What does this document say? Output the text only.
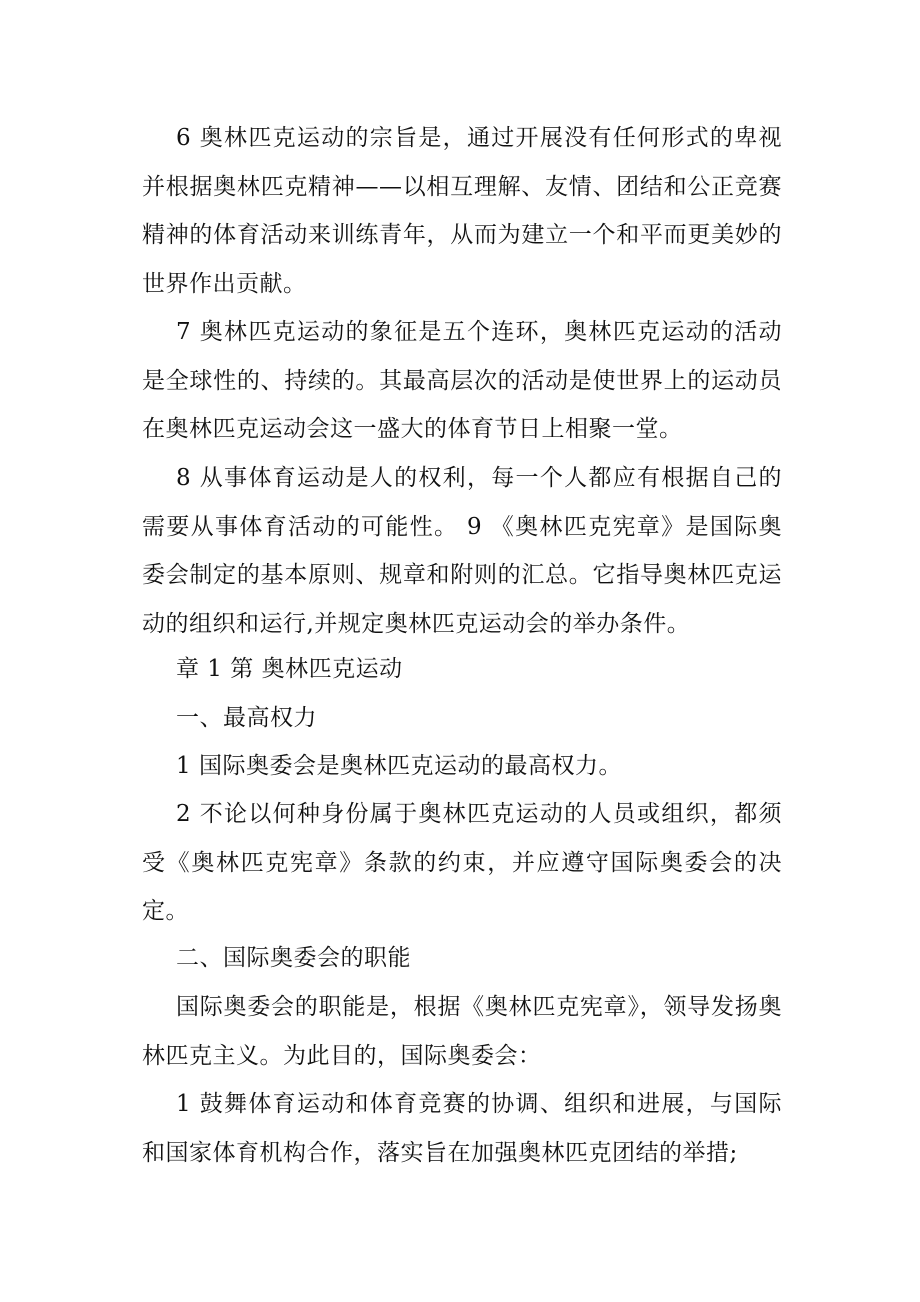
6 奥林匹克运动的宗旨是，通过开展没有任何形式的卑视并根据奥林匹克精神——以相互理解、友情、团结和公正竞赛精神的体育活动来训练青年，从而为建立一个和平而更美妙的世界作出贡献。

7 奥林匹克运动的象征是五个连环，奥林匹克运动的活动是全球性的、持续的。其最高层次的活动是使世界上的运动员在奥林匹克运动会这一盛大的体育节日上相聚一堂。

8 从事体育运动是人的权利，每一个人都应有根据自己的需要从事体育活动的可能性。 9 《奥林匹克宪章》是国际奥委会制定的基本原则、规章和附则的汇总。它指导奥林匹克运动的组织和运行,并规定奥林匹克运动会的举办条件。

章 1 第 奥林匹克运动

一、最高权力

1 国际奥委会是奥林匹克运动的最高权力。

2 不论以何种身份属于奥林匹克运动的人员或组织，都须受《奥林匹克宪章》条款的约束，并应遵守国际奥委会的决定。

二、国际奥委会的职能

国际奥委会的职能是，根据《奥林匹克宪章》，领导发扬奥林匹克主义。为此目的，国际奥委会：

1 鼓舞体育运动和体育竞赛的协调、组织和进展，与国际和国家体育机构合作，落实旨在加强奥林匹克团结的举措;
